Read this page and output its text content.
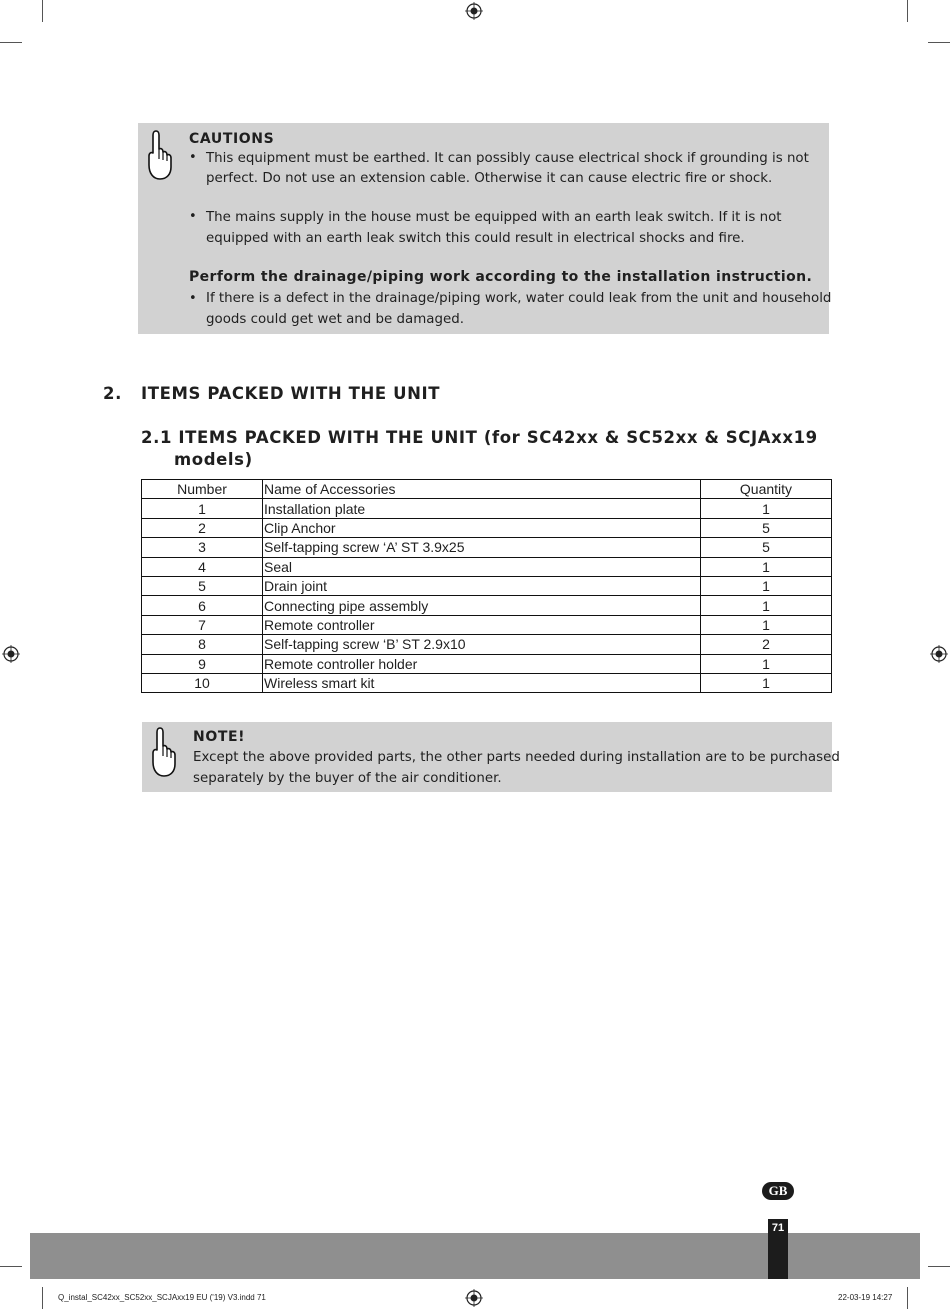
CAUTIONS
• This equipment must be earthed. It can possibly cause electrical shock if grounding is not
perfect. Do not use an extension cable. Otherwise it can cause electric fire or shock.
• The mains supply in the house must be equipped with an earth leak switch. If it is not
equipped with an earth leak switch this could result in electrical shocks and fire.
Perform the drainage/piping work according to the installation instruction.
• If there is a defect in the drainage/piping work, water could leak from the unit and household
goods could get wet and be damaged.
2. ITEMS PACKED WITH THE UNIT
2.1 ITEMS PACKED WITH THE UNIT (for SC42xx & SC52xx & SCJAxx19
models)
Number	Name of Accessories	Quantity
1	Installation plate	1
2	Clip Anchor	5
3	Self-tapping screw ‘A’ ST 3.9x25	5
4	Seal	1
5	Drain joint	1
6	Connecting pipe assembly	1
7	Remote controller	1
8	Self-tapping screw ‘B’ ST 2.9x10	2
9	Remote controller holder	1
10	Wireless smart kit	1
NOTE!
Except the above provided parts, the other parts needed during installation are to be purchased
separately by the buyer of the air conditioner.
GB
71
Q_instal_SC42xx_SC52xx_SCJAxx19 EU ('19) V3.indd 71	22-03-19 14:27
